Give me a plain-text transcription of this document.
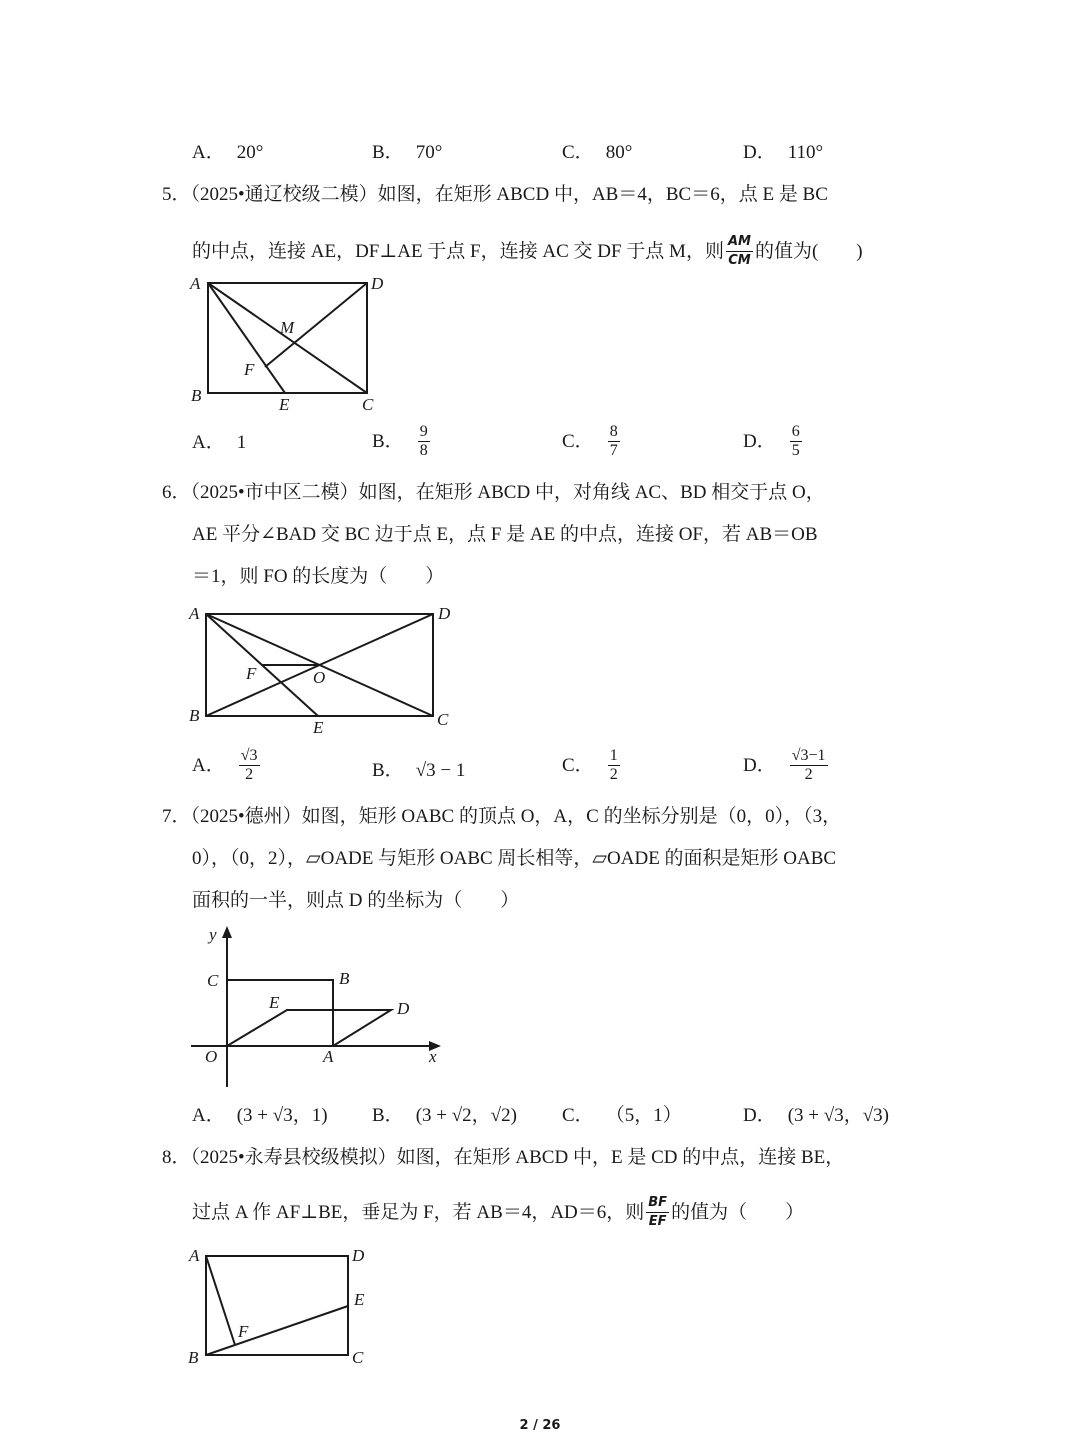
A． 20°	B． 70°	C． 80°	D． 110°
5．（2025•通辽校级二模）如图，在矩形 ABCD 中，AB＝4，BC＝6，点 E 是 BC
的中点，连接 AE，DF⊥AE 于点 F，连接 AC 交 DF 于点 M，则 $\frac{AM}{CM}$ 的值为(　　)
A	D
M
F
B	E	C
A． 1	B． $\frac{9}{8}$	C． $\frac{8}{7}$	D． $\frac{6}{5}$
6．（2025•市中区二模）如图，在矩形 ABCD 中，对角线 AC、BD 相交于点 O，
AE 平分∠BAD 交 BC 边于点 E，点 F 是 AE 的中点，连接 OF，若 AB＝OB
＝1，则 FO 的长度为（　　）
A	D
F	O
B
E	C
A． $\frac{√3}{2}$	B． √3 − 1	C． $\frac{1}{2}$	D． $\frac{√3-1}{2}$
7．（2025•德州）如图，矩形 OABC 的顶点 O，A，C 的坐标分别是（0，0），（3，
0），（0，2），▱OADE 与矩形 OABC 周长相等，▱OADE 的面积是矩形 OABC
面积的一半，则点 D 的坐标为（　　）
y
x
C	B
E	D
O	A
A． (3 + √3，1) B． (3 + √2，√2) C． （5，1）	D． (3 + √3，√3)
8．（2025•永寿县校级模拟）如图，在矩形 ABCD 中，E 是 CD 的中点，连接 BE，
过点 A 作 AF⊥BE，垂足为 F，若 AB＝4，AD＝6，则 $\frac{BF}{EF}$ 的值为（　　）
A	D
E
F
B	C
2 / 26
